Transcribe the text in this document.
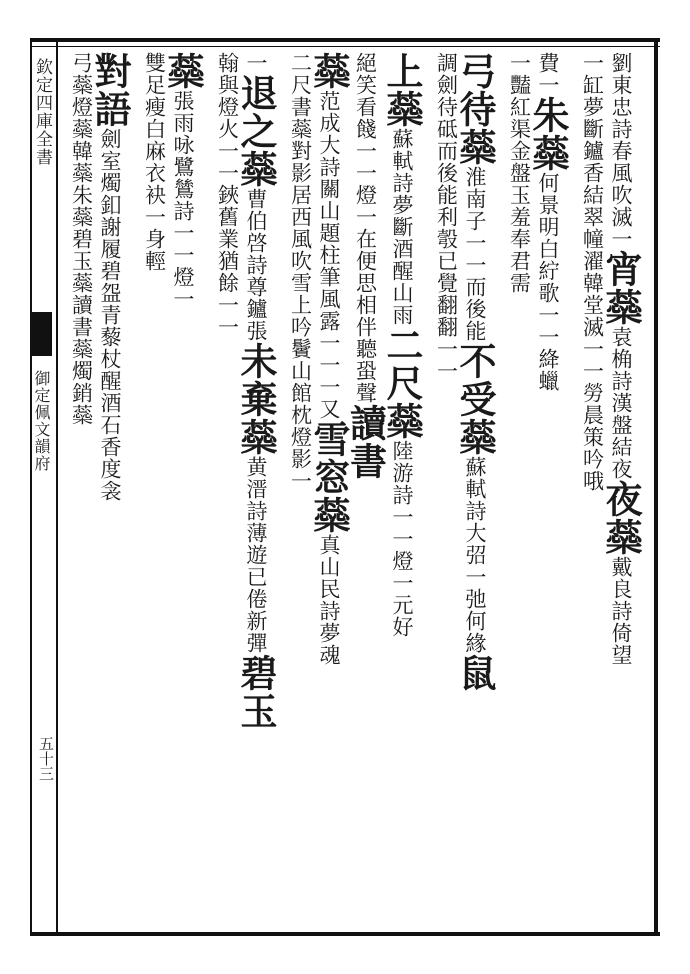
欽定四庫全書
御定佩文韻府
五十三
劉東忠詩春風吹滅一宵蘂袁桷詩漢盤結夜夜蘂戴良詩倚望
一缸夢斷鑪香結翠幢濯韓堂滅一一勞晨策吟哦
費一朱蘂何景明白紵歌一一絳蠟
一豔紅渠金盤玉羞奉君需
弓待蘂淮南子一一而後能不受蘂蘇軾詩大弨一弛何緣鼠
調劍待砥而後能利彀已覺翻翻一一
上蘂蘇軾詩夢斷酒醒山雨二尺蘂陸游詩一一燈一元好
絕笑看餞一一燈一在便思相伴聽蛩聲讀書
蘂范成大詩關山題柱筆風露一一一又雪窓蘂真山民詩夢魂
二尺書蘂對影居西風吹雪上吟鬢山館枕燈影一
一退之蘂曹伯啓詩尊鑪張未棄蘂黄溍詩薄遊已倦新彈碧玉
翰與燈火一一鋏舊業猶餘一一
蘂張雨咏鷺鷥詩一一燈一
雙足瘦白麻衣袂一身輕
對語劍室燭釦謝履碧盌青藜杖醒酒石香度衾
弓蘂燈蘂韓蘂朱蘂碧玉蘂讀書蘂燭銷蘂
